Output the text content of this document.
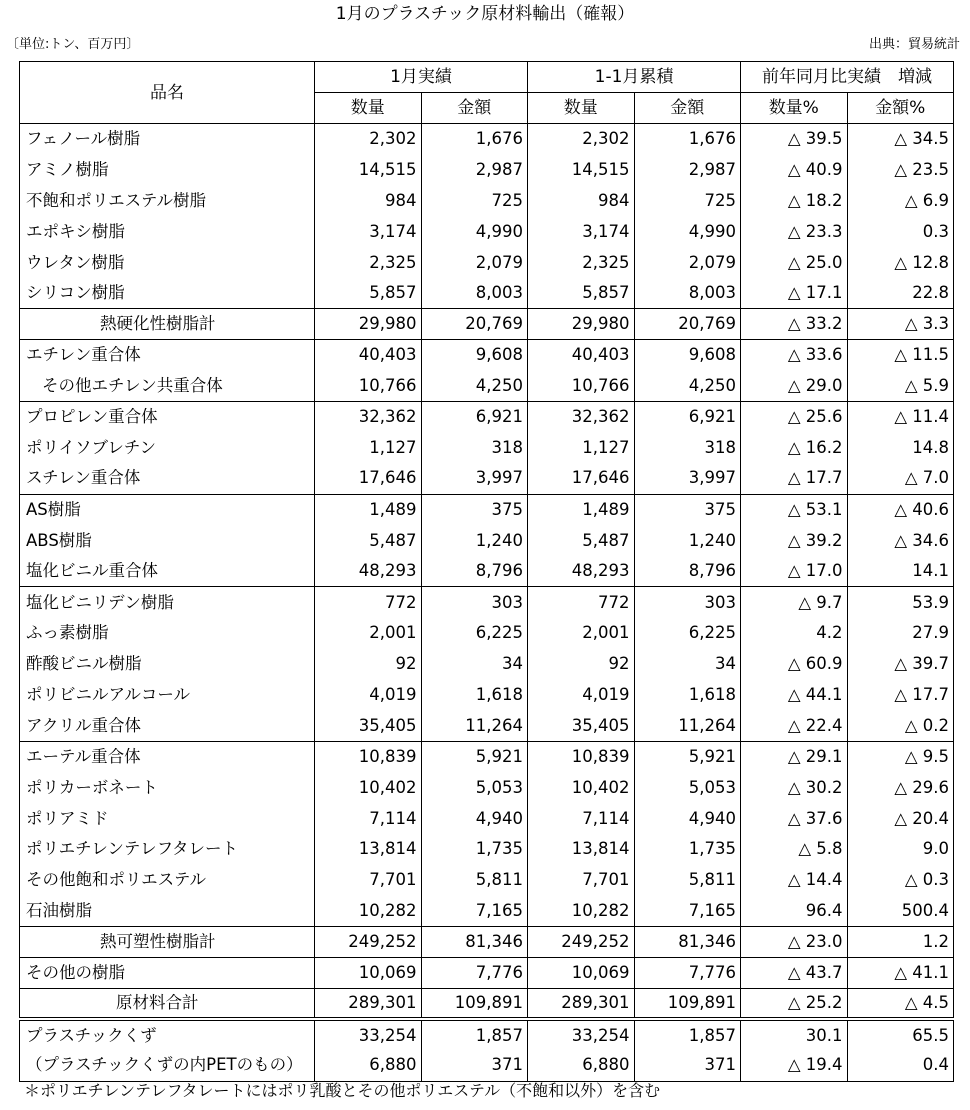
1月のプラスチック原材料輸出（確報）
〔単位:トン、百万円〕	出典：貿易統計
品名	1月実績		1-1月累積		前年同月比実績　増減	
	数量	金額	数量	金額	数量%	金額%
フェノール樹脂	2,302	1,676	2,302	1,676	△ 39.5	△ 34.5
アミノ樹脂	14,515	2,987	14,515	2,987	△ 40.9	△ 23.5
不飽和ポリエステル樹脂	984	725	984	725	△ 18.2	△ 6.9
エポキシ樹脂	3,174	4,990	3,174	4,990	△ 23.3	0.3
ウレタン樹脂	2,325	2,079	2,325	2,079	△ 25.0	△ 12.8
シリコン樹脂	5,857	8,003	5,857	8,003	△ 17.1	22.8
熱硬化性樹脂計	29,980	20,769	29,980	20,769	△ 33.2	△ 3.3
エチレン重合体	40,403	9,608	40,403	9,608	△ 33.6	△ 11.5
その他エチレン共重合体	10,766	4,250	10,766	4,250	△ 29.0	△ 5.9
プロピレン重合体	32,362	6,921	32,362	6,921	△ 25.6	△ 11.4
ポリイソブレチン	1,127	318	1,127	318	△ 16.2	14.8
スチレン重合体	17,646	3,997	17,646	3,997	△ 17.7	△ 7.0
AS樹脂	1,489	375	1,489	375	△ 53.1	△ 40.6
ABS樹脂	5,487	1,240	5,487	1,240	△ 39.2	△ 34.6
塩化ビニル重合体	48,293	8,796	48,293	8,796	△ 17.0	14.1
塩化ビニリデン樹脂	772	303	772	303	△ 9.7	53.9
ふっ素樹脂	2,001	6,225	2,001	6,225	4.2	27.9
酢酸ビニル樹脂	92	34	92	34	△ 60.9	△ 39.7
ポリビニルアルコール	4,019	1,618	4,019	1,618	△ 44.1	△ 17.7
アクリル重合体	35,405	11,264	35,405	11,264	△ 22.4	△ 0.2
エーテル重合体	10,839	5,921	10,839	5,921	△ 29.1	△ 9.5
ポリカーボネート	10,402	5,053	10,402	5,053	△ 30.2	△ 29.6
ポリアミド	7,114	4,940	7,114	4,940	△ 37.6	△ 20.4
ポリエチレンテレフタレート	13,814	1,735	13,814	1,735	△ 5.8	9.0
その他飽和ポリエステル	7,701	5,811	7,701	5,811	△ 14.4	△ 0.3
石油樹脂	10,282	7,165	10,282	7,165	96.4	500.4
熱可塑性樹脂計	249,252	81,346	249,252	81,346	△ 23.0	1.2
その他の樹脂	10,069	7,776	10,069	7,776	△ 43.7	△ 41.1
原材料合計	289,301	109,891	289,301	109,891	△ 25.2	△ 4.5
プラスチックくず	33,254	1,857	33,254	1,857	30.1	65.5
（プラスチックくずの内PETのもの）	6,880	371	6,880	371	△ 19.4	0.4
＊ポリエチレンテレフタレートにはポリ乳酸とその他ポリエステル（不飽和以外）を含む
